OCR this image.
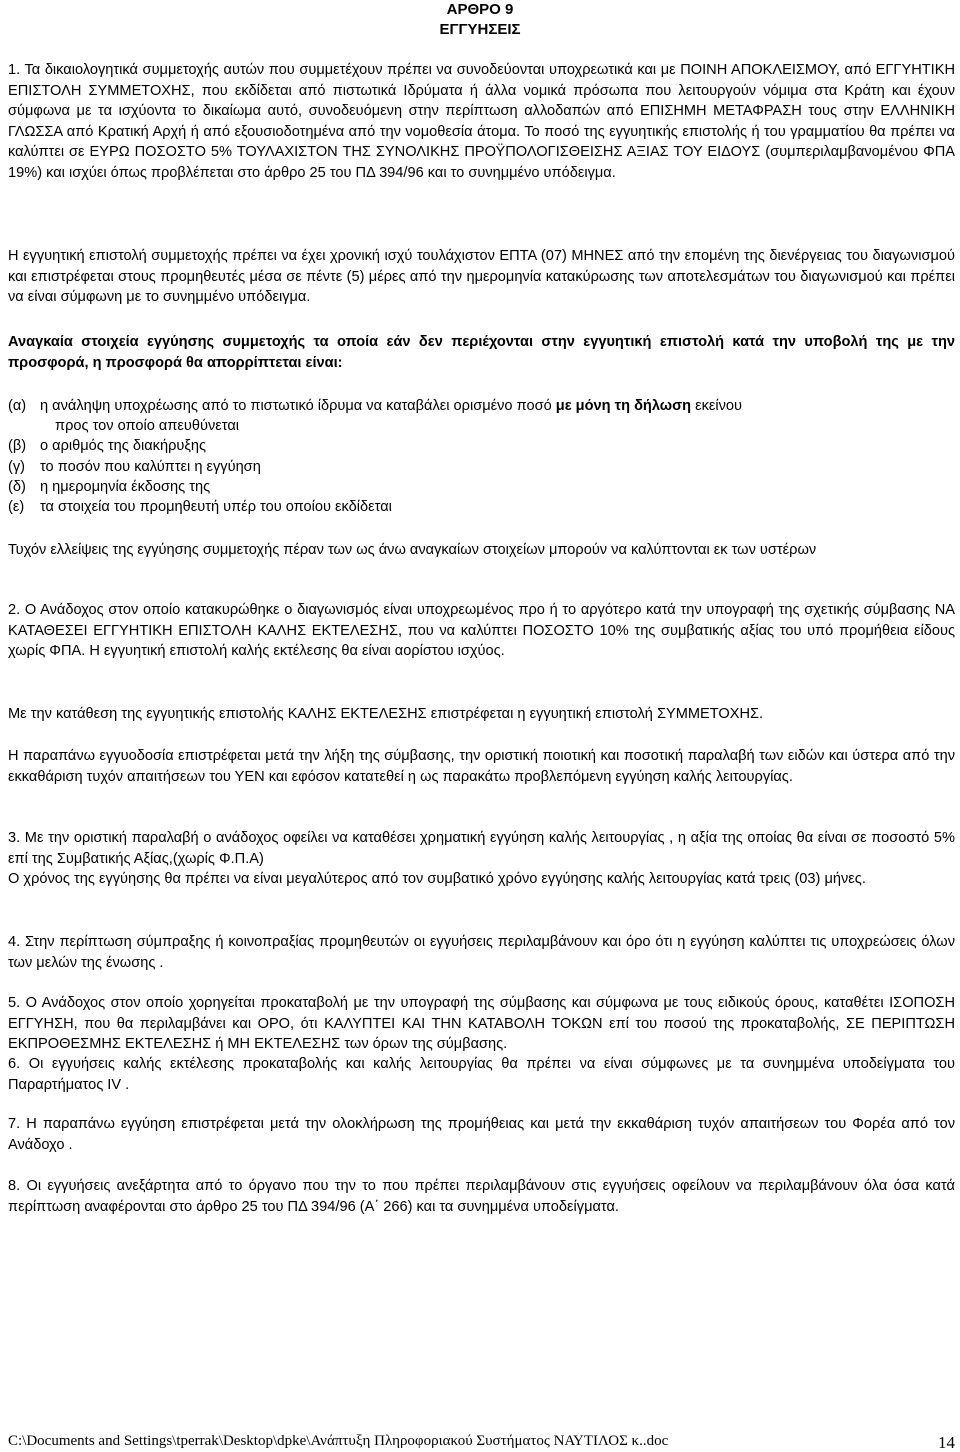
ΑΡΘΡΟ 9
ΕΓΓΥΗΣΕΙΣ
1. Τα δικαιολογητικά συμμετοχής αυτών που συμμετέχουν πρέπει να συνοδεύονται υποχρεωτικά και με ΠΟΙΝΗ ΑΠΟΚΛΕΙΣΜΟΥ, από ΕΓΓΥΗΤΙΚΗ ΕΠΙΣΤΟΛΗ ΣΥΜΜΕΤΟΧΗΣ, που εκδίδεται από πιστωτικά Ιδρύματα ή άλλα νομικά πρόσωπα που λειτουργούν νόμιμα στα Κράτη και έχουν σύμφωνα με τα ισχύοντα το δικαίωμα αυτό, συνοδευόμενη στην περίπτωση αλλοδαπών από ΕΠΙΣΗΜΗ ΜΕΤΑΦΡΑΣΗ τους στην ΕΛΛΗΝΙΚΗ ΓΛΩΣΣΑ από Κρατική Αρχή ή από εξουσιοδοτημένα από την νομοθεσία άτομα. Το ποσό της εγγυητικής επιστολής ή του γραμματίου θα πρέπει να καλύπτει σε ΕΥΡΩ ΠΟΣΟΣΤΟ 5% ΤΟΥΛΑΧΙΣΤΟΝ ΤΗΣ ΣΥΝΟΛΙΚΗΣ ΠΡΟΫΠΟΛΟΓΙΣΘΕΙΣΗΣ ΑΞΙΑΣ ΤΟΥ ΕΙΔΟΥΣ (συμπεριλαμβανομένου ΦΠΑ 19%) και ισχύει όπως προβλέπεται στο άρθρο 25 του ΠΔ 394/96 και το συνημμένο υπόδειγμα.
Η εγγυητική επιστολή συμμετοχής πρέπει να έχει χρονική ισχύ τουλάχιστον ΕΠΤΑ (07) ΜΗΝΕΣ από την επομένη της διενέργειας του διαγωνισμού και επιστρέφεται στους προμηθευτές μέσα σε πέντε (5) μέρες από την ημερομηνία κατακύρωσης των αποτελεσμάτων του διαγωνισμού και πρέπει να είναι σύμφωνη με το συνημμένο υπόδειγμα.
Αναγκαία στοιχεία εγγύησης συμμετοχής τα οποία εάν δεν περιέχονται στην εγγυητική επιστολή κατά την υποβολή της με την προσφορά, η προσφορά θα απορρίπτεται είναι:
(α) η ανάληψη υποχρέωσης από το πιστωτικό ίδρυμα να καταβάλει ορισμένο ποσό με μόνη τη δήλωση εκείνου
προς τον οποίο απευθύνεται
(β) ο αριθμός της διακήρυξης
(γ)	το ποσόν που καλύπτει η εγγύηση
(δ) η ημερομηνία έκδοσης της
(ε)	τα στοιχεία του προμηθευτή υπέρ του οποίου εκδίδεται
Τυχόν ελλείψεις της εγγύησης συμμετοχής πέραν των ως άνω αναγκαίων στοιχείων μπορούν να καλύπτονται εκ των υστέρων
2. Ο Ανάδοχος στον οποίο κατακυρώθηκε ο διαγωνισμός είναι υποχρεωμένος προ ή το αργότερο κατά την υπογραφή της σχετικής σύμβασης ΝΑ ΚΑΤΑΘΕΣΕΙ ΕΓΓΥΗΤΙΚΗ ΕΠΙΣΤΟΛΗ ΚΑΛΗΣ ΕΚΤΕΛΕΣΗΣ, που να καλύπτει ΠΟΣΟΣΤΟ 10% της συμβατικής αξίας του υπό προμήθεια είδους χωρίς ΦΠΑ. Η εγγυητική επιστολή καλής εκτέλεσης θα είναι αορίστου ισχύος.
Με την κατάθεση της εγγυητικής επιστολής ΚΑΛΗΣ ΕΚΤΕΛΕΣΗΣ επιστρέφεται η εγγυητική επιστολή ΣΥΜΜΕΤΟΧΗΣ.
Η παραπάνω εγγυοδοσία επιστρέφεται μετά την λήξη της σύμβασης, την οριστική ποιοτική και ποσοτική παραλαβή των ειδών και ύστερα από την εκκαθάριση τυχόν απαιτήσεων του ΥΕΝ και εφόσον κατατεθεί η ως παρακάτω προβλεπόμενη εγγύηση καλής λειτουργίας.
3. Με την οριστική παραλαβή ο ανάδοχος οφείλει να καταθέσει χρηματική εγγύηση καλής λειτουργίας , η αξία της οποίας θα είναι σε ποσοστό 5% επί της Συμβατικής Αξίας,(χωρίς Φ.Π.Α)
Ο χρόνος της εγγύησης θα πρέπει να είναι μεγαλύτερος από τον συμβατικό χρόνο εγγύησης καλής λειτουργίας κατά τρεις (03) μήνες.
4. Στην περίπτωση σύμπραξης ή κοινοπραξίας προμηθευτών οι εγγυήσεις περιλαμβάνουν και όρο ότι η εγγύηση καλύπτει τις υποχρεώσεις όλων των μελών της ένωσης .
5. Ο Ανάδοχος στον οποίο χορηγείται προκαταβολή με την υπογραφή της σύμβασης και σύμφωνα με τους ειδικούς όρους, καταθέτει ΙΣΟΠΟΣΗ ΕΓΓΥΗΣΗ, που θα περιλαμβάνει και ΟΡΟ, ότι ΚΑΛΥΠΤΕΙ ΚΑΙ ΤΗΝ ΚΑΤΑΒΟΛΗ ΤΟΚΩΝ επί του ποσού της προκαταβολής, ΣΕ ΠΕΡΙΠΤΩΣΗ ΕΚΠΡΟΘΕΣΜΗΣ ΕΚΤΕΛΕΣΗΣ ή ΜΗ ΕΚΤΕΛΕΣΗΣ των όρων της σύμβασης.
6. Οι εγγυήσεις καλής εκτέλεσης προκαταβολής και καλής λειτουργίας θα πρέπει να είναι σύμφωνες με τα συνημμένα υποδείγματα του Παραρτήματος IV .
7. Η παραπάνω εγγύηση επιστρέφεται μετά την ολοκλήρωση της προμήθειας και μετά την εκκαθάριση τυχόν απαιτήσεων του Φορέα από τον Ανάδοχο .
8. Οι εγγυήσεις ανεξάρτητα από το όργανο που την το που πρέπει περιλαμβάνουν στις εγγυήσεις οφείλουν να περιλαμβάνουν όλα όσα κατά περίπτωση αναφέρονται στο άρθρο 25 του ΠΔ 394/96 (Α΄ 266) και τα συνημμένα υποδείγματα.
C:\Documents and Settings\tperrak\Desktop\dpke\Ανάπτυξη Πληροφοριακού Συστήματος ΝΑΥΤΙΛΟΣ κ..doc	14
